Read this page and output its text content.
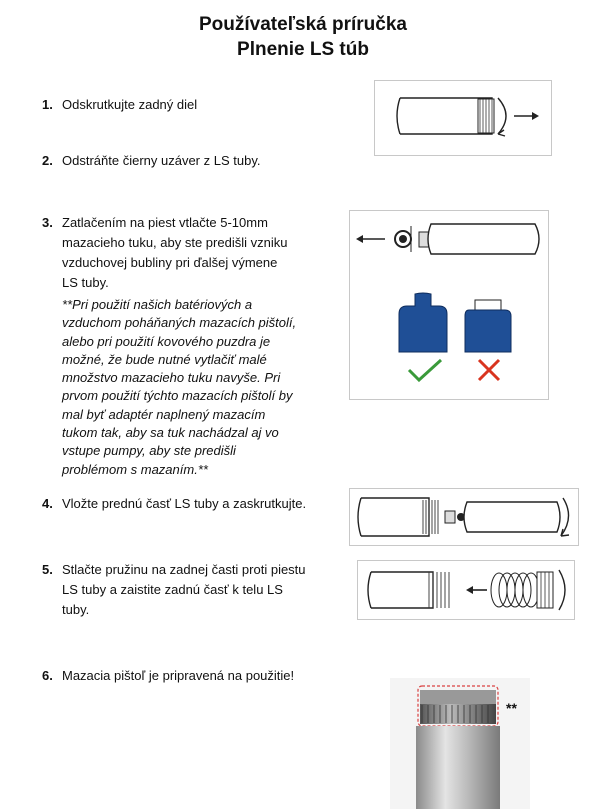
Používateľská príručka
Plnenie LS túb
1. Odskrutkujte zadný diel
2. Odstráňte čierny uzáver z LS tuby.
3. Zatlačením na piest vtlačte 5-10mm
mazacieho tuku, aby ste predišli vzniku
vzduchovej bubliny pri ďalšej výmene
LS tuby.
**Pri použití našich batériových a
vzduchom poháňaných mazacích pištolí,
alebo pri použití kovového puzdra je
možné, že bude nutné vytlačiť malé
množstvo mazacieho tuku navyše. Pri
prvom použití týchto mazacích pištolí by
mal byť adaptér naplnený mazacím
tukom tak, aby sa tuk nachádzal aj vo
vstupe pumpy, aby ste predišli
problémom s mazaním.**
4. Vložte prednú časť LS tuby a zaskrutkujte.
5. Stlačte pružinu na zadnej časti proti piestu
LS tuby a zaistite zadnú časť k telu LS
tuby.
6. Mazacia pištoľ je pripravená na použitie!
**
